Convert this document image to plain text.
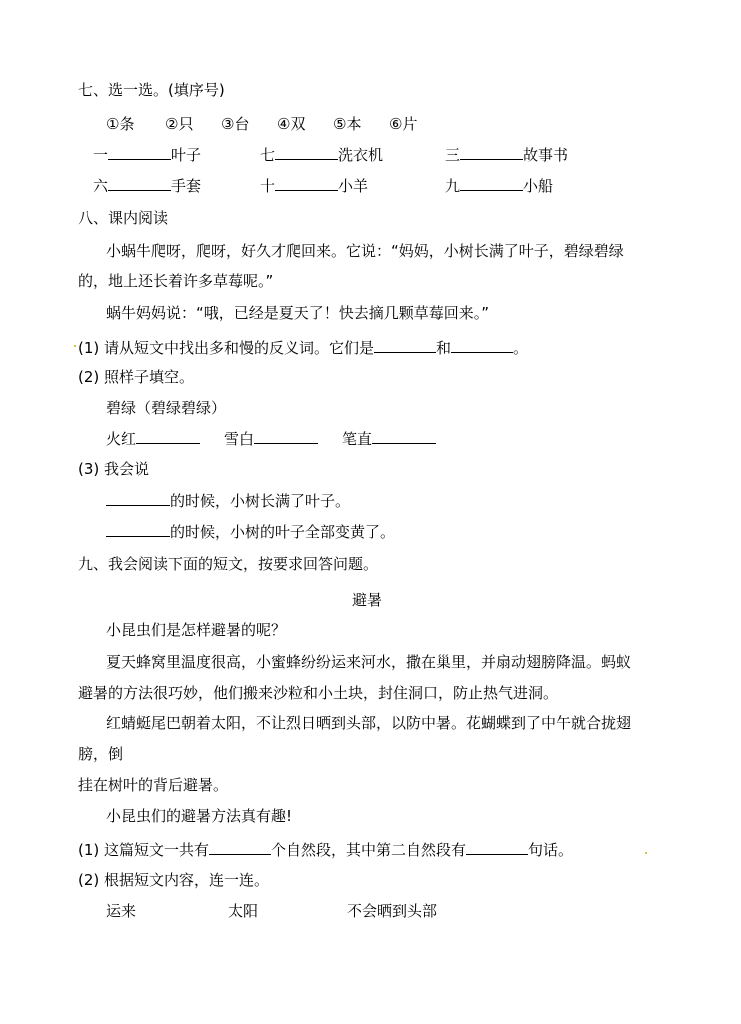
七、选一选。(填序号)
①条 ②只 ③台 ④双 ⑤本 ⑥片
一	叶子	七	洗衣机	三	故事书
六	手套	十	小羊	九	小船
八、课内阅读
小蜗牛爬呀，爬呀，好久才爬回来。它说：“妈妈，小树长满了叶子，碧绿碧绿
的，地上还长着许多草莓呢。”
蜗牛妈妈说：“哦，已经是夏天了！快去摘几颗草莓回来。”
(1) 请从短文中找出多和慢的反义词。它们是	和	。
(2) 照样子填空。
碧绿（碧绿碧绿）
火红	雪白	笔直
(3) 我会说
的时候，小树长满了叶子。
的时候，小树的叶子全部变黄了。
九、我会阅读下面的短文，按要求回答问题。
避暑
小昆虫们是怎样避暑的呢？
夏天蜂窝里温度很高，小蜜蜂纷纷运来河水，撒在巢里，并扇动翅膀降温。蚂蚁
避暑的方法很巧妙，他们搬来沙粒和小土块，封住洞口，防止热气进洞。
红蜻蜓尾巴朝着太阳，不让烈日晒到头部，以防中暑。花蝴蝶到了中午就合拢翅
膀，倒
挂在树叶的背后避暑。
小昆虫们的避暑方法真有趣!
(1) 这篇短文一共有	个自然段，其中第二自然段有	句话。
(2) 根据短文内容，连一连。
运来	太阳	不会晒到头部
